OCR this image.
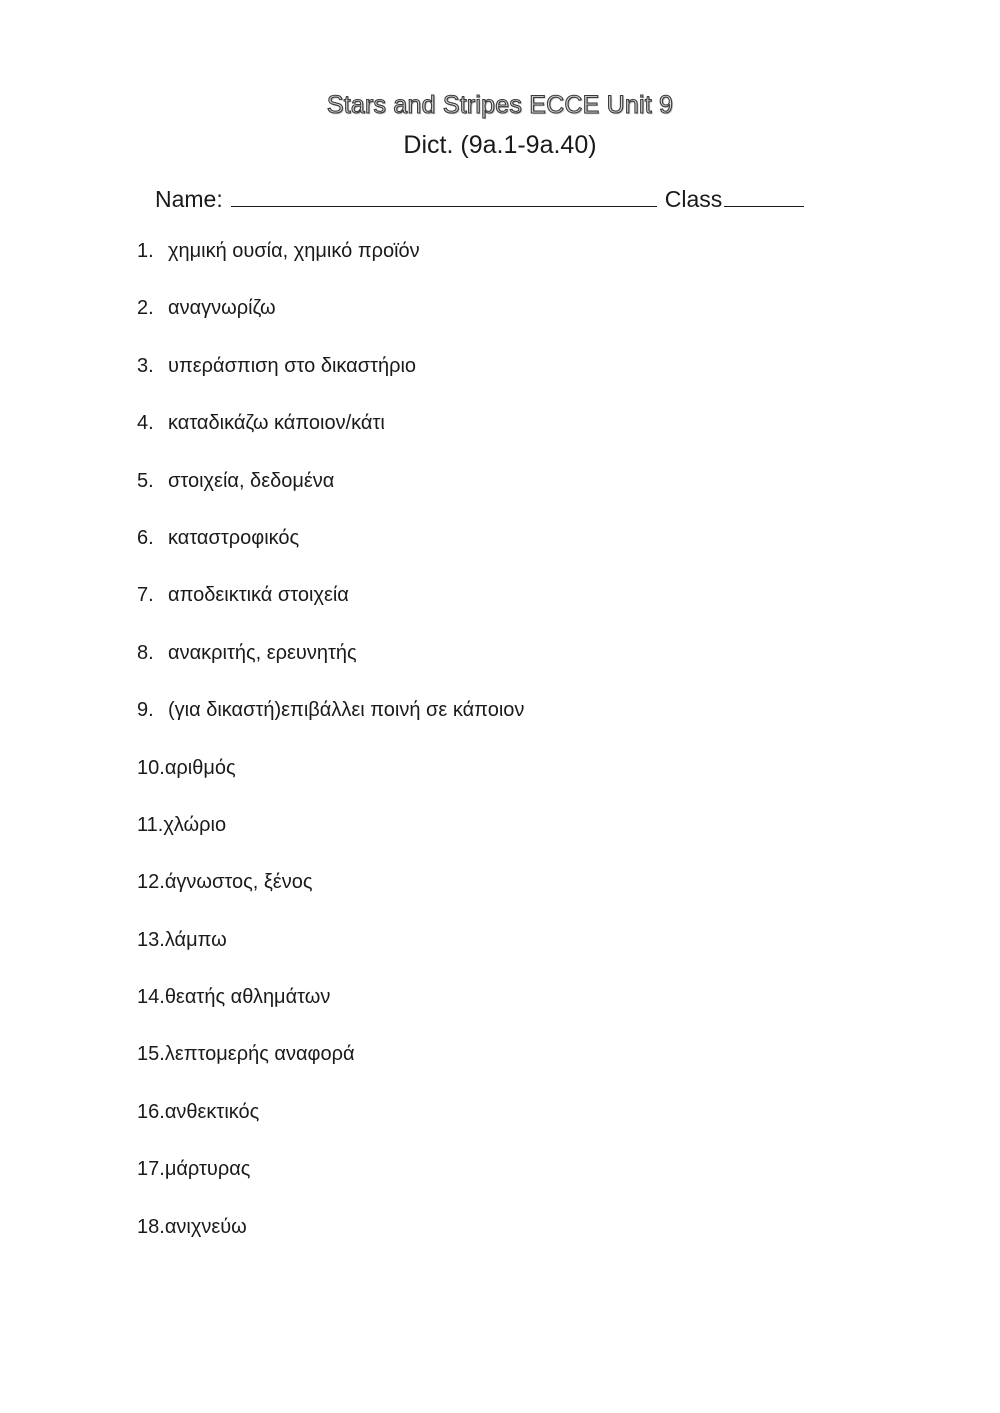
Stars and Stripes ECCE Unit 9
Dict. (9a.1-9a.40)
Name:	Class
1. χημική ουσία, χημικό προϊόν
2. αναγνωρίζω
3. υπεράσπιση στο δικαστήριο
4. καταδικάζω κάποιον/κάτι
5. στοιχεία, δεδομένα
6. καταστροφικός
7. αποδεικτικά στοιχεία
8. ανακριτής, ερευνητής
9. (για δικαστή)επιβάλλει ποινή σε κάποιον
10.αριθμός
11.χλώριο
12.άγνωστος, ξένος
13.λάμπω
14.θεατής αθλημάτων
15.λεπτομερής αναφορά
16.ανθεκτικός
17.μάρτυρας
18.ανιχνεύω
